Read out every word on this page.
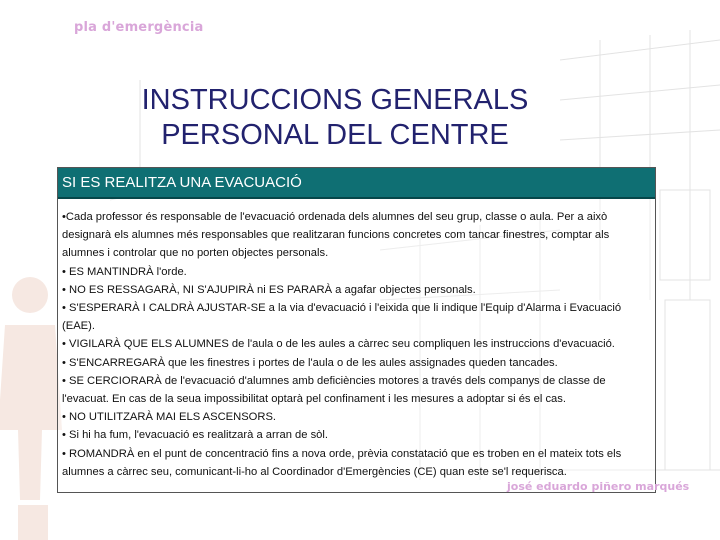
pla d'emergència
INSTRUCCIONS GENERALS
PERSONAL DEL CENTRE
SI ES REALITZA UNA EVACUACIÓ

•Cada professor és responsable de l'evacuació ordenada dels alumnes del seu grup, classe o aula. Per a això designarà els alumnes més responsables que realitzaran funcions concretes com tancar finestres, comptar als alumnes i controlar que no porten objectes personals.

• ES MANTINDRÀ l'orde.

• NO ES RESSAGARÀ, NI S'AJUPIRÀ ni ES PARARÀ a agafar objectes personals.

• S'ESPERARÀ I CALDRÀ AJUSTAR-SE a la via d'evacuació i l'eixida que li indique l'Equip d'Alarma i Evacuació (EAE).

• VIGILARÀ QUE ELS ALUMNES de l'aula o de les aules a càrrec seu compliquen les instruccions d'evacuació.

• S'ENCARREGARÀ que les finestres i portes de l'aula o de les aules assignades queden tancades.

• SE CERCIORARÀ de l'evacuació d'alumnes amb deficiències motores a través dels companys de classe de l'evacuat. En cas de la seua impossibilitat optarà pel confinament i les mesures a adoptar si és el cas.

• NO UTILITZARÀ MAI ELS ASCENSORS.

• Si hi ha fum, l'evacuació es realitzarà a arran de sòl.

• ROMANDRÀ en el punt de concentració fins a nova orde, prèvia constatació que es troben en el mateix tots els alumnes a càrrec seu, comunicant-li-ho al Coordinador d'Emergències (CE) quan este se'l requerisca.

josé eduardo piñero marqués
